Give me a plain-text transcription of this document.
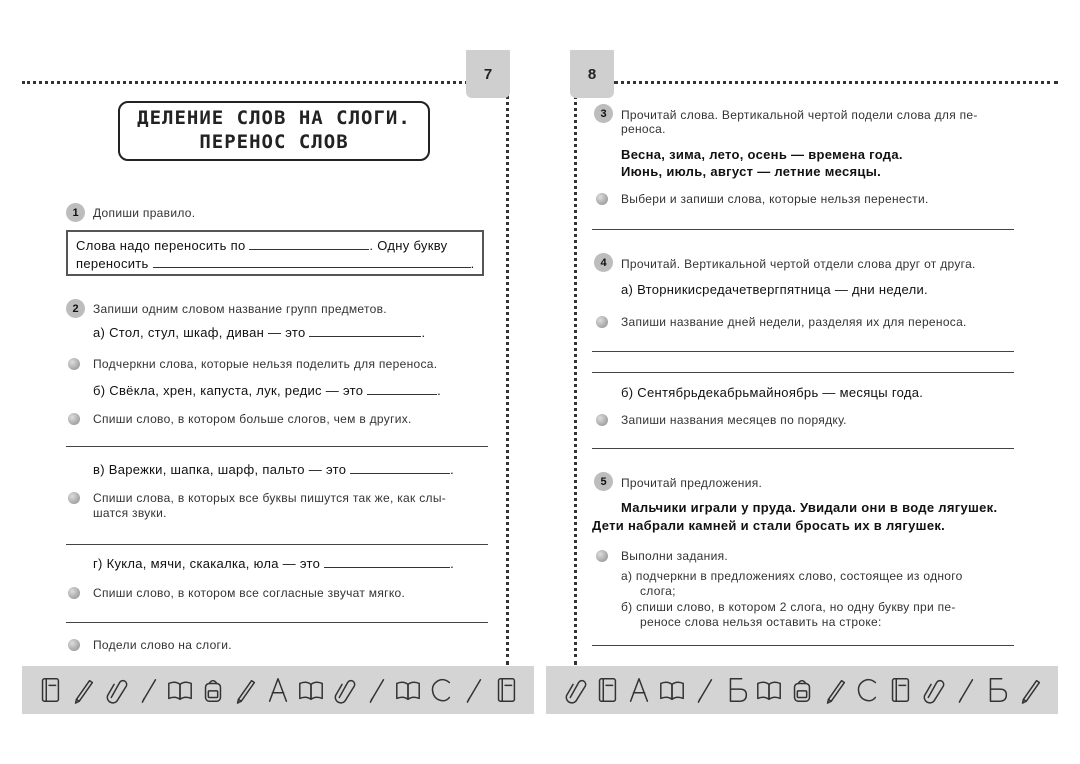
7	8
ДЕЛЕНИЕ СЛОВ НА СЛОГИ.
ПЕРЕНОС СЛОВ
1	Допиши правило.
Слова надо переносить по	. Одну букву
переносить	.
2	Запиши одним словом название групп предметов.
а) Стол, стул, шкаф, диван — это	.
Подчеркни слова, которые нельзя поделить для переноса.
б) Свёкла, хрен, капуста, лук, редис — это	.
Спиши слово, в котором больше слогов, чем в других.
в) Варежки, шапка, шарф, пальто — это	.
Спиши слова, в которых все буквы пишутся так же, как слы-
шатся звуки.
г) Кукла, мячи, скакалка, юла — это	.
Спиши слово, в котором все согласные звучат мягко.
Подели слово на слоги.
3	Прочитай слова. Вертикальной чертой подели слова для пе-
реноса.
Весна, зима, лето, осень — времена года.
Июнь, июль, август — летние месяцы.
Выбери и запиши слова, которые нельзя перенести.
4	Прочитай. Вертикальной чертой отдели слова друг от друга.
а) Вторникисредачетвергпятница — дни недели.
Запиши название дней недели, разделяя их для переноса.
б) Сентябрьдекабрьмайноябрь — месяцы года.
Запиши названия месяцев по порядку.
5	Прочитай предложения.
Мальчики играли у пруда. Увидали они в воде лягушек.
Дети набрали камней и стали бросать их в лягушек.
Выполни задания.
а) подчеркни в предложениях слово, состоящее из одного
слога;
б) спиши слово, в котором 2 слога, но одну букву при пе-
реносе слова нельзя оставить на строке:
